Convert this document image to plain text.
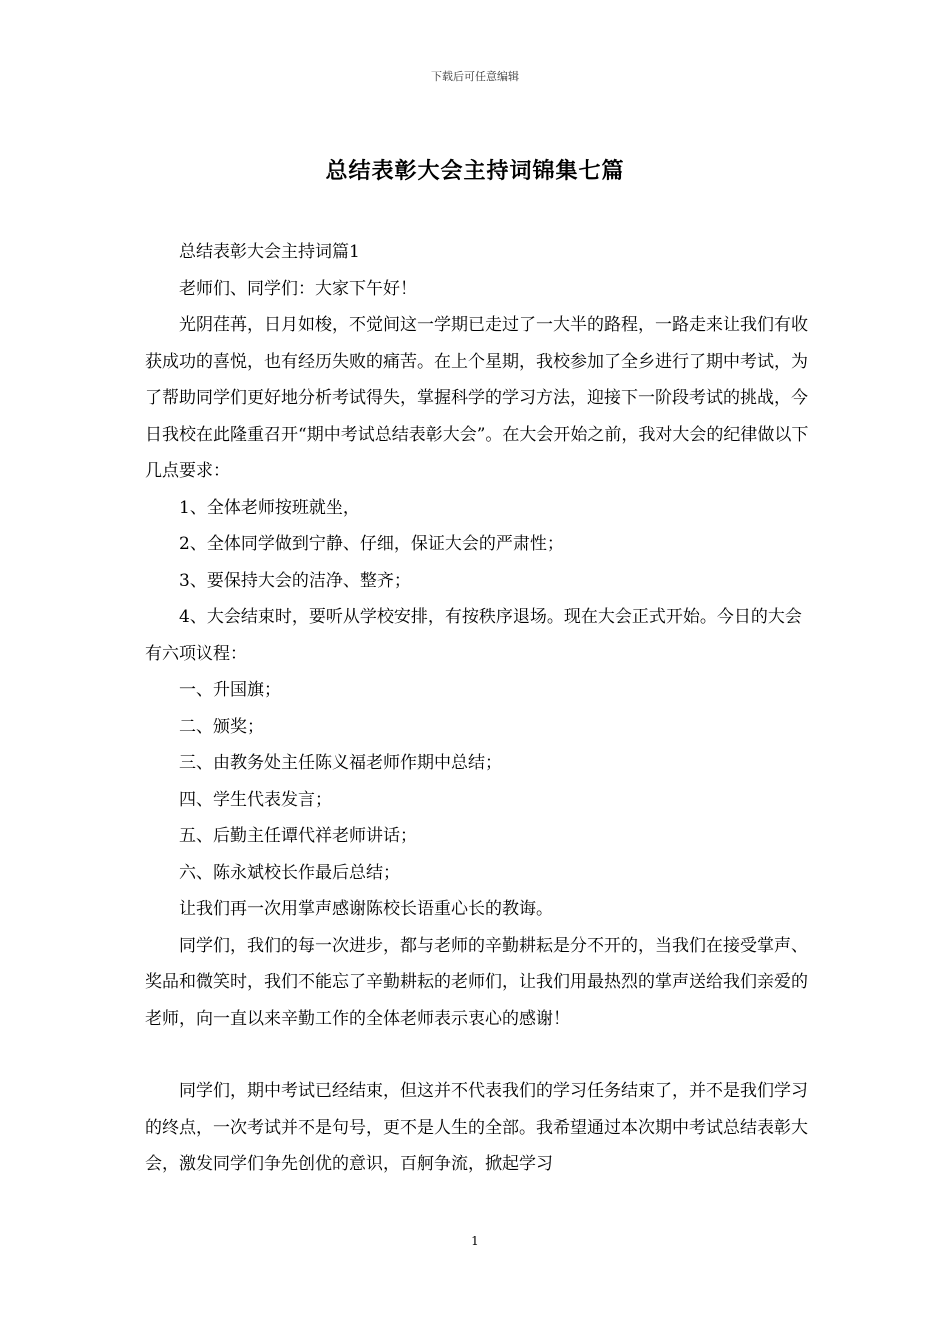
下载后可任意编辑
总结表彰大会主持词锦集七篇

总结表彰大会主持词篇1

老师们、同学们：大家下午好！

光阴荏苒，日月如梭，不觉间这一学期已走过了一大半的路程，一路走来让我们有收获成功的喜悦，也有经历失败的痛苦。在上个星期，我校参加了全乡进行了期中考试，为了帮助同学们更好地分析考试得失，掌握科学的学习方法，迎接下一阶段考试的挑战，今日我校在此隆重召开“期中考试总结表彰大会”。在大会开始之前，我对大会的纪律做以下几点要求：

1、全体老师按班就坐，

2、全体同学做到宁静、仔细，保证大会的严肃性；

3、要保持大会的洁净、整齐；

4、大会结束时，要听从学校安排，有按秩序退场。现在大会正式开始。今日的大会有六项议程：

一、升国旗；

二、颁奖；

三、由教务处主任陈义福老师作期中总结；

四、学生代表发言；

五、后勤主任谭代祥老师讲话；

六、陈永斌校长作最后总结；

让我们再一次用掌声感谢陈校长语重心长的教诲。

同学们，我们的每一次进步，都与老师的辛勤耕耘是分不开的，当我们在接受掌声、奖品和微笑时，我们不能忘了辛勤耕耘的老师们，让我们用最热烈的掌声送给我们亲爱的老师，向一直以来辛勤工作的全体老师表示衷心的感谢！

同学们，期中考试已经结束，但这并不代表我们的学习任务结束了，并不是我们学习的终点，一次考试并不是句号，更不是人生的全部。我希望通过本次期中考试总结表彰大会，激发同学们争先创优的意识，百舸争流，掀起学习

1
